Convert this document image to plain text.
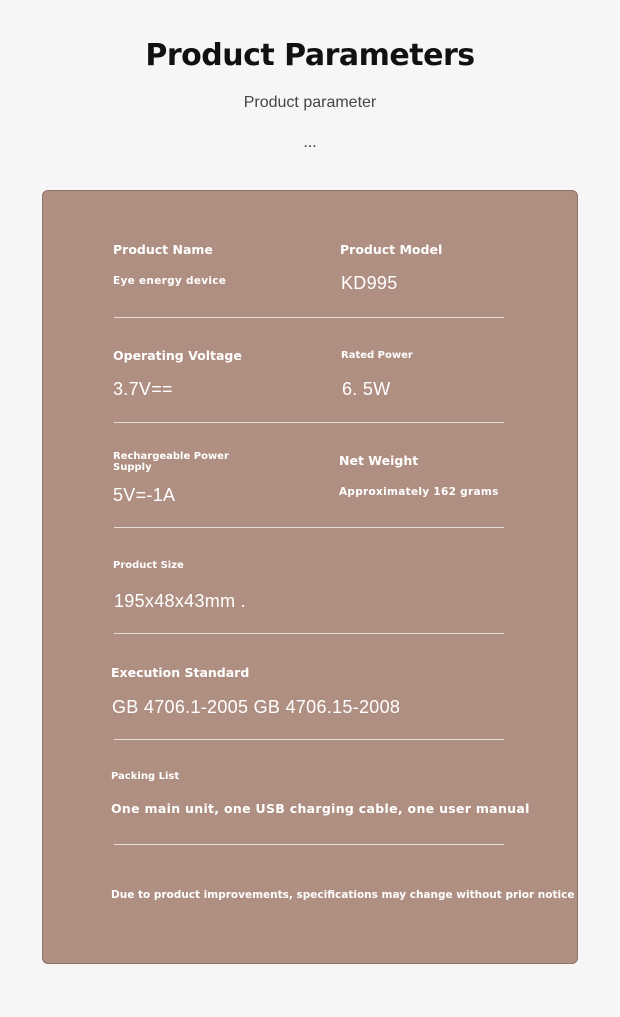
Product Parameters
Product parameter
...
Product Name
Eye energy device
Product Model
KD995
Operating Voltage
3.7V==
Rated Power
6. 5W
Rechargeable Power Supply
5V=-1A
Net Weight
Approximately 162 grams
Product Size
195x48x43mm .
Execution Standard
GB 4706.1-2005 GB 4706.15-2008
Packing List
One main unit, one USB charging cable, one user manual
Due to product improvements, specifications may change without prior notice
